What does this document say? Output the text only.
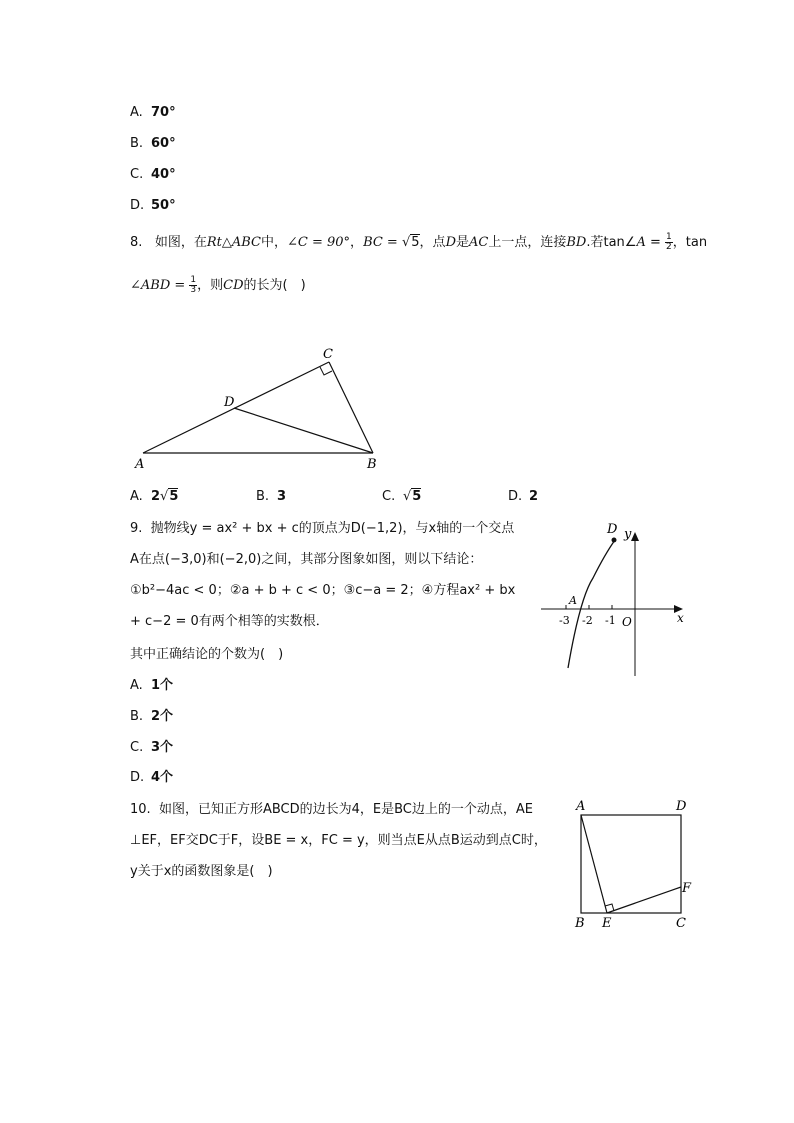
A. 70°
B. 60°
C. 40°
D. 50°
8. 如图，在Rt△ABC中，∠C = 90°，BC = √5，点D是AC上一点，连接BD.若tan∠A = $\frac{1}{2}$ ，tan
∠ABD = $\frac{1}{3}$ ，则CD的长为(　)
C
D
A	B
A. 2√5	B. 3	C. √5	D. 2
9. 抛物线y = ax² + bx + c的顶点为D(−1,2)，与x轴的一个交点
A在点(−3,0)和(−2,0)之间，其部分图象如图，则以下结论：
①b²−4ac < 0；②a + b + c < 0；③c−a = 2；④方程ax² + bx
+ c−2 = 0有两个相等的实数根．
其中正确结论的个数为(　)
D y
A
x
O
-3 -2 -1
A. 1个
B. 2个
C. 3个
D. 4个
10. 如图，已知正方形ABCD的边长为4，E是BC边上的一个动点，AE
⊥EF，EF交DC于F，设BE = x，FC = y，则当点E从点B运动到点C时，
y关于x的函数图象是(　)
A	D
F
B E	C
